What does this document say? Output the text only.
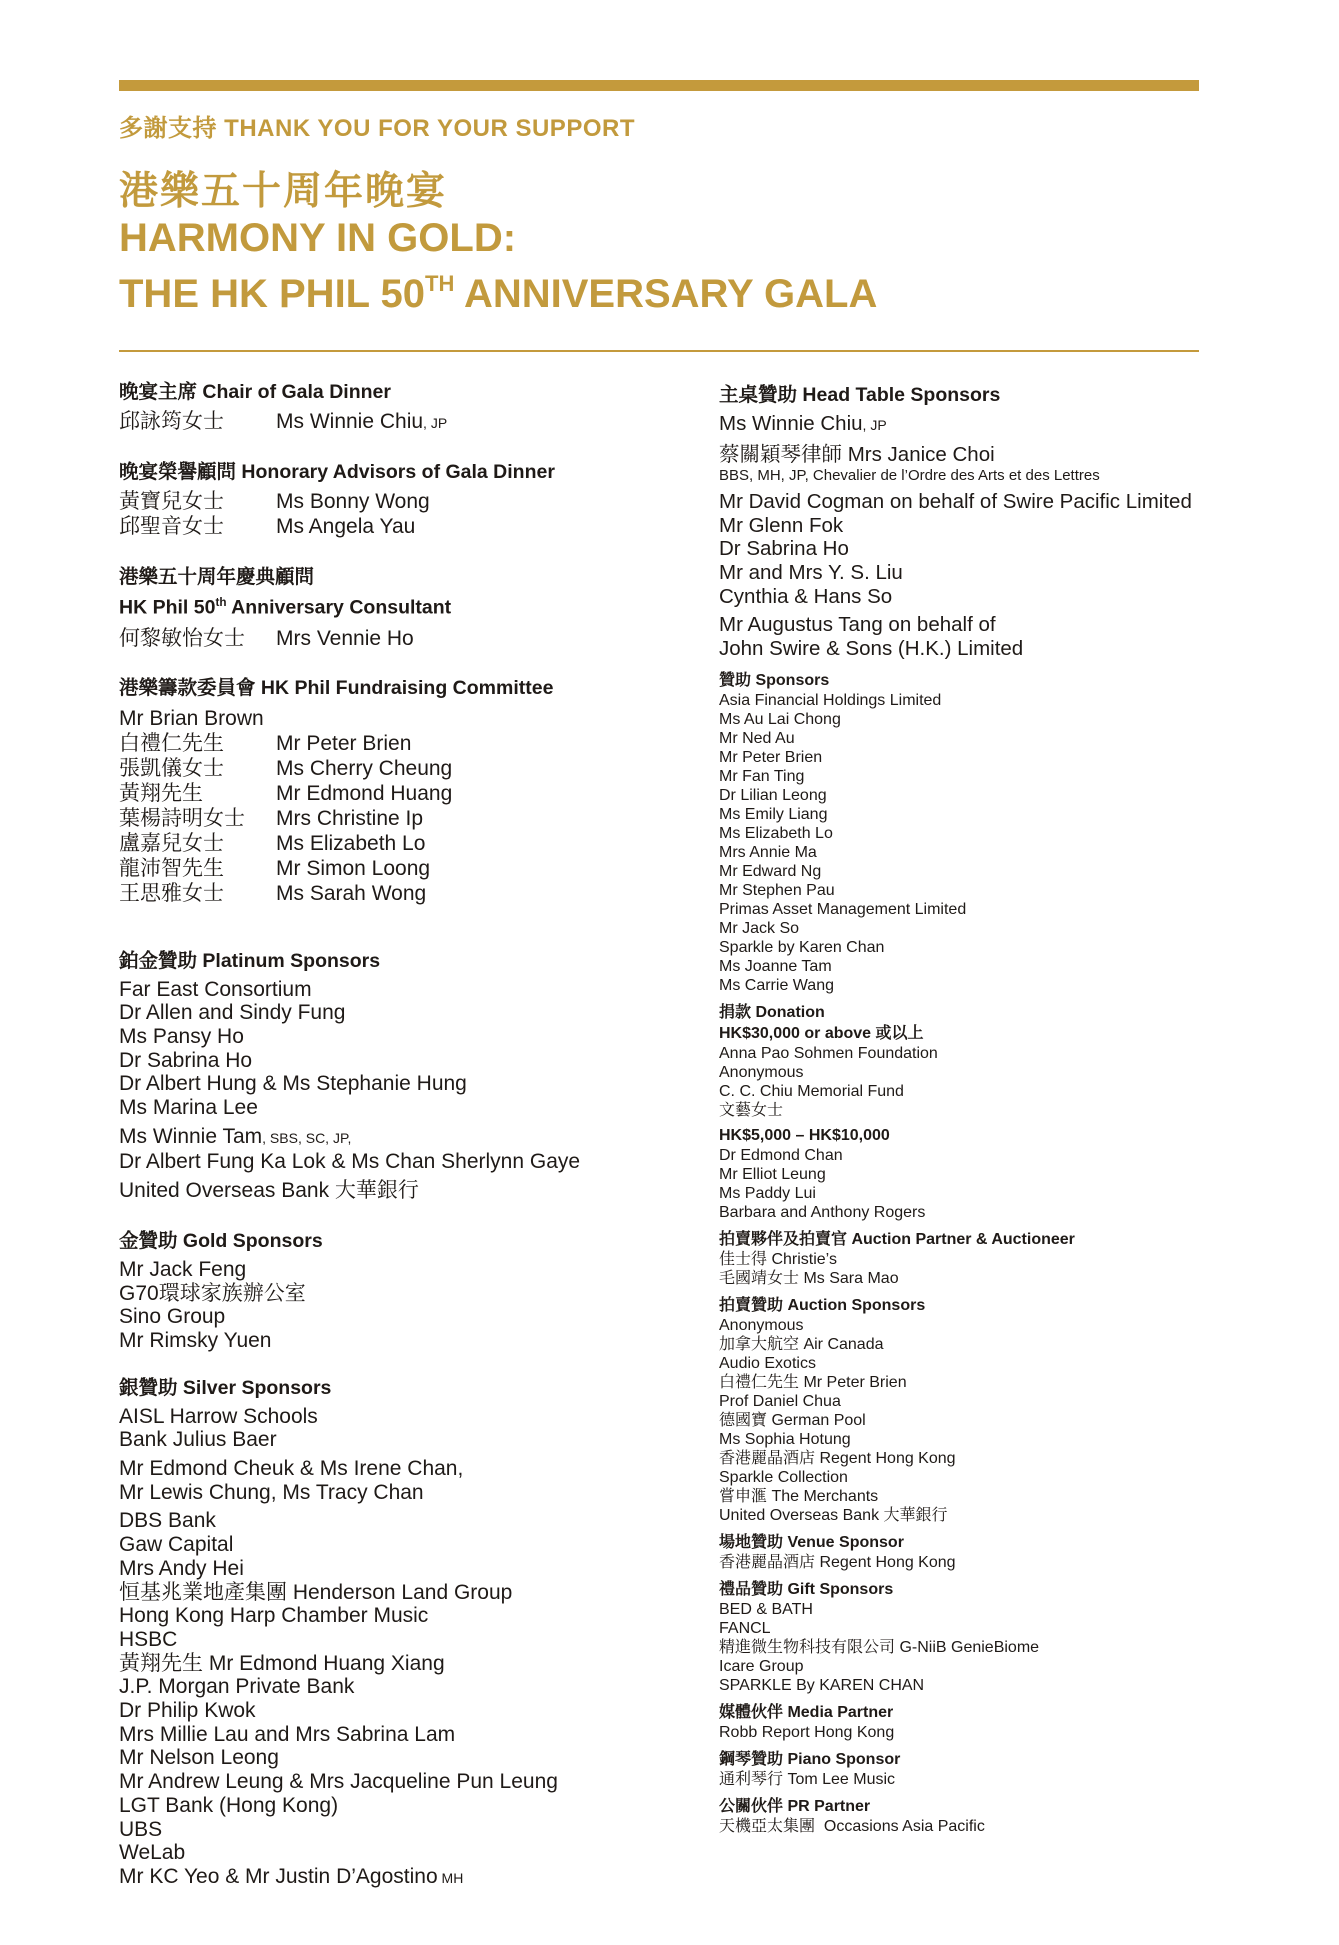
多謝支持 THANK YOU FOR YOUR SUPPORT
港樂五十周年晚宴
HARMONY IN GOLD:
THE HK PHIL 50TH ANNIVERSARY GALA
晚宴主席 Chair of Gala Dinner
邱詠筠女士	Ms Winnie Chiu, JP
晚宴榮譽顧問 Honorary Advisors of Gala Dinner
黃寶兒女士	Ms Bonny Wong
邱聖音女士	Ms Angela Yau
港樂五十周年慶典顧問
HK Phil 50th Anniversary Consultant
何黎敏怡女士	Mrs Vennie Ho
港樂籌款委員會 HK Phil Fundraising Committee
Mr Brian Brown
白禮仁先生	Mr Peter Brien
張凱儀女士	Ms Cherry Cheung
黃翔先生	Mr Edmond Huang
葉楊詩明女士	Mrs Christine Ip
盧嘉兒女士	Ms Elizabeth Lo
龍沛智先生	Mr Simon Loong
王思雅女士	Ms Sarah Wong
鉑金贊助 Platinum Sponsors
Far East Consortium
Dr Allen and Sindy Fung
Ms Pansy Ho
Dr Sabrina Ho
Dr Albert Hung & Ms Stephanie Hung
Ms Marina Lee
Ms Winnie Tam, SBS, SC, JP,
Dr Albert Fung Ka Lok & Ms Chan Sherlynn Gaye
United Overseas Bank 大華銀行
金贊助 Gold Sponsors
Mr Jack Feng
G70環球家族辦公室
Sino Group
Mr Rimsky Yuen
銀贊助 Silver Sponsors
AISL Harrow Schools
Bank Julius Baer
Mr Edmond Cheuk & Ms Irene Chan,
Mr Lewis Chung, Ms Tracy Chan
DBS Bank
Gaw Capital
Mrs Andy Hei
恒基兆業地產集團 Henderson Land Group
Hong Kong Harp Chamber Music
HSBC
黃翔先生 Mr Edmond Huang Xiang
J.P. Morgan Private Bank
Dr Philip Kwok
Mrs Millie Lau and Mrs Sabrina Lam
Mr Nelson Leong
Mr Andrew Leung & Mrs Jacqueline Pun Leung
LGT Bank (Hong Kong)
UBS
WeLab
Mr KC Yeo & Mr Justin D’Agostino MH
主桌贊助 Head Table Sponsors
Ms Winnie Chiu, JP
蔡關穎琴律師 Mrs Janice Choi
BBS, MH, JP, Chevalier de l’Ordre des Arts et des Lettres
Mr David Cogman on behalf of Swire Pacific Limited
Mr Glenn Fok
Dr Sabrina Ho
Mr and Mrs Y. S. Liu
Cynthia & Hans So
Mr Augustus Tang on behalf of
John Swire & Sons (H.K.) Limited
贊助 Sponsors
Asia Financial Holdings Limited
Ms Au Lai Chong
Mr Ned Au
Mr Peter Brien
Mr Fan Ting
Dr Lilian Leong
Ms Emily Liang
Ms Elizabeth Lo
Mrs Annie Ma
Mr Edward Ng
Mr Stephen Pau
Primas Asset Management Limited
Mr Jack So
Sparkle by Karen Chan
Ms Joanne Tam
Ms Carrie Wang
捐款 Donation
HK$30,000 or above 或以上
Anna Pao Sohmen Foundation
Anonymous
C. C. Chiu Memorial Fund
文藝女士
HK$5,000 – HK$10,000
Dr Edmond Chan
Mr Elliot Leung
Ms Paddy Lui
Barbara and Anthony Rogers
拍賣夥伴及拍賣官 Auction Partner & Auctioneer
佳士得 Christie’s
毛國靖女士 Ms Sara Mao
拍賣贊助 Auction Sponsors
Anonymous
加拿大航空 Air Canada
Audio Exotics
白禮仁先生 Mr Peter Brien
Prof Daniel Chua
德國寶 German Pool
Ms Sophia Hotung
香港麗晶酒店 Regent Hong Kong
Sparkle Collection
嘗申滙 The Merchants
United Overseas Bank 大華銀行
場地贊助 Venue Sponsor
香港麗晶酒店 Regent Hong Kong
禮品贊助 Gift Sponsors
BED & BATH
FANCL
精進微生物科技有限公司 G-NiiB GenieBiome
Icare Group
SPARKLE By KAREN CHAN
媒體伙伴 Media Partner
Robb Report Hong Kong
鋼琴贊助 Piano Sponsor
通利琴行 Tom Lee Music
公關伙伴 PR Partner
天機亞太集團  Occasions Asia Pacific
